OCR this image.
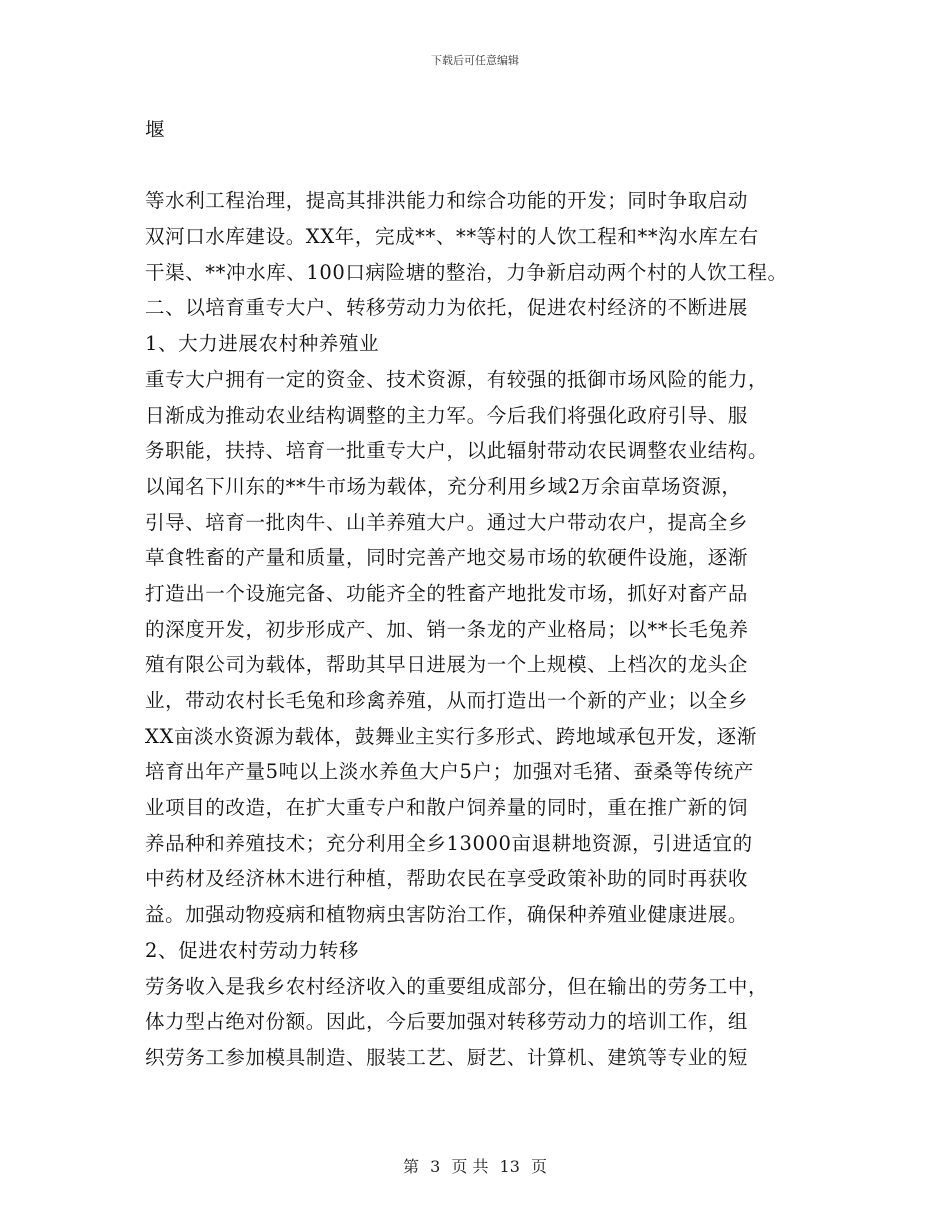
下载后可任意编辑
堰
等水利工程治理，提高其排洪能力和综合功能的开发；同时争取启动
双河口水库建设。XX年，完成**、**等村的人饮工程和**沟水库左右
干渠、**冲水库、100口病险塘的整治，力争新启动两个村的人饮工程。
二、以培育重专大户、转移劳动力为依托，促进农村经济的不断进展
1、大力进展农村种养殖业
重专大户拥有一定的资金、技术资源，有较强的抵御市场风险的能力，
日渐成为推动农业结构调整的主力军。今后我们将强化政府引导、服
务职能，扶持、培育一批重专大户，以此辐射带动农民调整农业结构。
以闻名下川东的**牛市场为载体，充分利用乡域2万余亩草场资源，
引导、培育一批肉牛、山羊养殖大户。通过大户带动农户，提高全乡
草食牲畜的产量和质量，同时完善产地交易市场的软硬件设施，逐渐
打造出一个设施完备、功能齐全的牲畜产地批发市场，抓好对畜产品
的深度开发，初步形成产、加、销一条龙的产业格局；以**长毛兔养
殖有限公司为载体，帮助其早日进展为一个上规模、上档次的龙头企
业，带动农村长毛兔和珍禽养殖，从而打造出一个新的产业；以全乡
XX亩淡水资源为载体，鼓舞业主实行多形式、跨地域承包开发，逐渐
培育出年产量5吨以上淡水养鱼大户5户；加强对毛猪、蚕桑等传统产
业项目的改造，在扩大重专户和散户饲养量的同时，重在推广新的饲
养品种和养殖技术；充分利用全乡13000亩退耕地资源，引进适宜的
中药材及经济林木进行种植，帮助农民在享受政策补助的同时再获收
益。加强动物疫病和植物病虫害防治工作，确保种养殖业健康进展。
2、促进农村劳动力转移
劳务收入是我乡农村经济收入的重要组成部分，但在输出的劳务工中，
体力型占绝对份额。因此，今后要加强对转移劳动力的培训工作，组
织劳务工参加模具制造、服装工艺、厨艺、计算机、建筑等专业的短
第 3 页 共 13 页
